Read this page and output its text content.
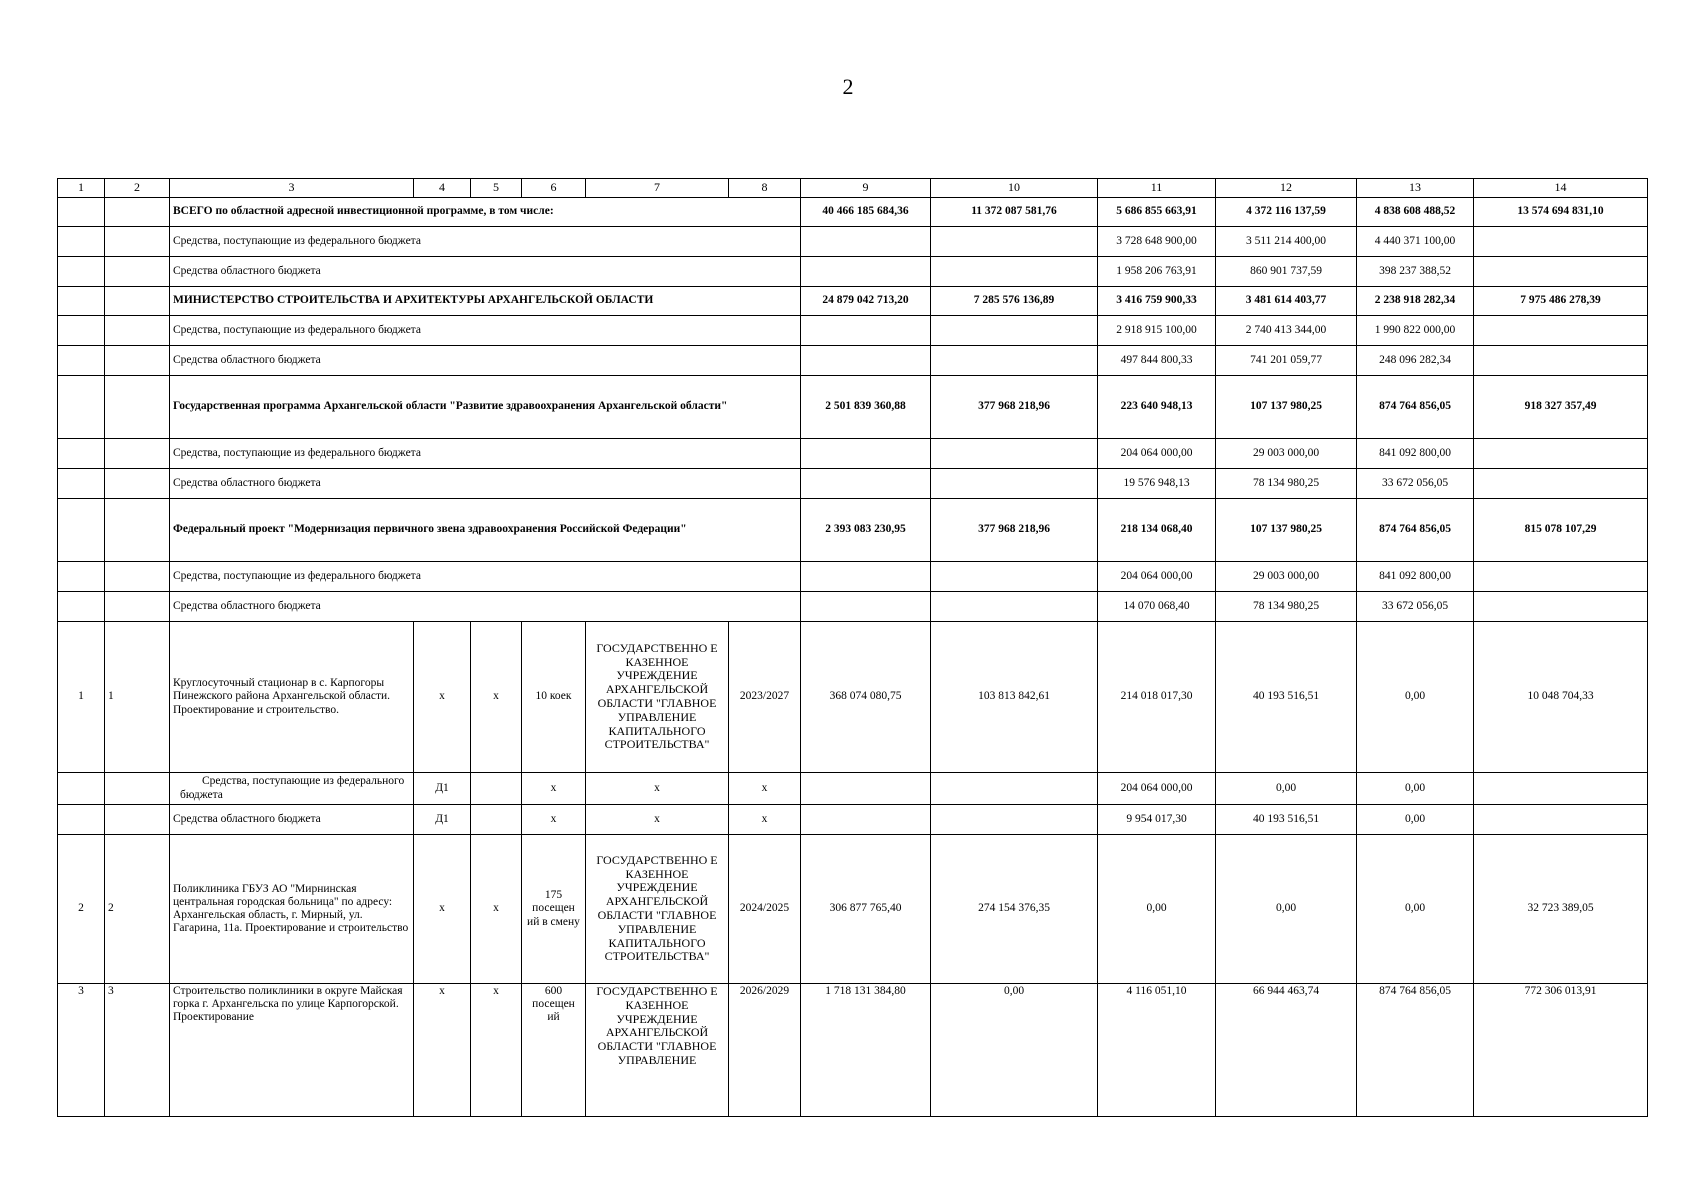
2
1	2	3	4	5	6	7	8	9	10	11	12	13	14
		ВСЕГО по областной адресной инвестиционной программе, в том числе:						40 466 185 684,36	11 372 087 581,76	5 686 855 663,91	4 372 116 137,59	4 838 608 488,52	13 574 694 831,10
		Средства, поступающие из федерального бюджета								3 728 648 900,00	3 511 214 400,00	4 440 371 100,00	
		Средства областного бюджета								1 958 206 763,91	860 901 737,59	398 237 388,52	
		МИНИСТЕРСТВО СТРОИТЕЛЬСТВА И АРХИТЕКТУРЫ АРХАНГЕЛЬСКОЙ ОБЛАСТИ						24 879 042 713,20	7 285 576 136,89	3 416 759 900,33	3 481 614 403,77	2 238 918 282,34	7 975 486 278,39
		Средства, поступающие из федерального бюджета								2 918 915 100,00	2 740 413 344,00	1 990 822 000,00	
		Средства областного бюджета								497 844 800,33	741 201 059,77	248 096 282,34	
		Государственная программа Архангельской области "Развитие здравоохранения Архангельской области"						2 501 839 360,88	377 968 218,96	223 640 948,13	107 137 980,25	874 764 856,05	918 327 357,49
		Средства, поступающие из федерального бюджета								204 064 000,00	29 003 000,00	841 092 800,00	
		Средства областного бюджета								19 576 948,13	78 134 980,25	33 672 056,05	
		Федеральный проект "Модернизация первичного звена здравоохранения Российской Федерации"						2 393 083 230,95	377 968 218,96	218 134 068,40	107 137 980,25	874 764 856,05	815 078 107,29
		Средства, поступающие из федерального бюджета								204 064 000,00	29 003 000,00	841 092 800,00	
		Средства областного бюджета								14 070 068,40	78 134 980,25	33 672 056,05	
1	1	Круглосуточный стационар в с. Карпогоры Пинежского района Архангельской области. Проектирование и строительство.	х	х	10 коек	ГОСУДАРСТВЕННО Е КАЗЕННОЕ УЧРЕЖДЕНИЕ АРХАНГЕЛЬСКОЙ ОБЛАСТИ "ГЛАВНОЕ УПРАВЛЕНИЕ КАПИТАЛЬНОГО СТРОИТЕЛЬСТВА"	2023/2027	368 074 080,75	103 813 842,61	214 018 017,30	40 193 516,51	0,00	10 048 704,33
		Средства, поступающие из федерального бюджета	Д1		х	х	х			204 064 000,00	0,00	0,00	
		Средства областного бюджета	Д1		х	х	х			9 954 017,30	40 193 516,51	0,00	
2	2	Поликлиника ГБУЗ АО "Мирнинская центральная городская больница" по адресу: Архангельская область, г. Мирный, ул. Гагарина, 11а. Проектирование и строительство	х	х	175 посещен ий в смену	ГОСУДАРСТВЕННО Е КАЗЕННОЕ УЧРЕЖДЕНИЕ АРХАНГЕЛЬСКОЙ ОБЛАСТИ "ГЛАВНОЕ УПРАВЛЕНИЕ КАПИТАЛЬНОГО СТРОИТЕЛЬСТВА"	2024/2025	306 877 765,40	274 154 376,35	0,00	0,00	0,00	32 723 389,05
3	3	Строительство поликлиники в округе Майская горка г. Архангельска по улице Карпогорской. Проектирование	х	х	600 посещен ий	ГОСУДАРСТВЕННО Е КАЗЕННОЕ УЧРЕЖДЕНИЕ АРХАНГЕЛЬСКОЙ ОБЛАСТИ "ГЛАВНОЕ УПРАВЛЕНИЕ	2026/2029	1 718 131 384,80	0,00	4 116 051,10	66 944 463,74	874 764 856,05	772 306 013,91
